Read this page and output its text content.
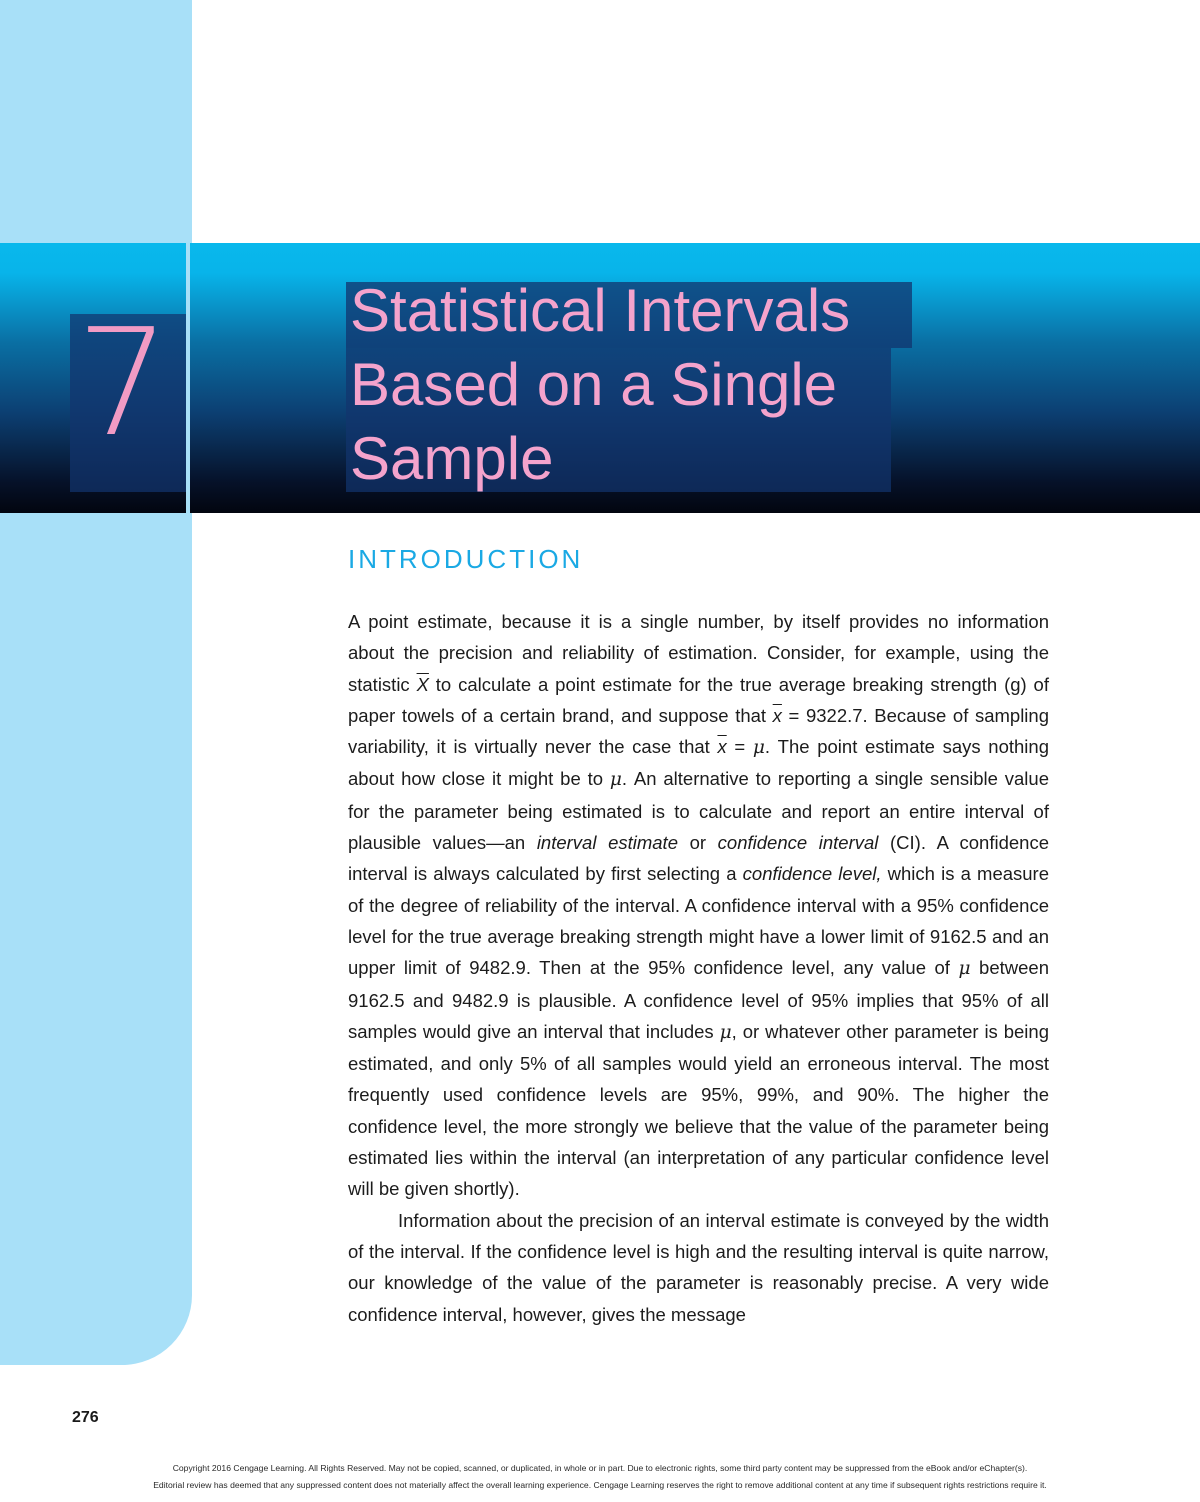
7	Statistical Intervals
Based on a Single
Sample
INTRODUCTION

A point estimate, because it is a single number, by itself provides no information about the precision and reliability of estimation. Consider, for example, using the statistic $\overline{X}$ to calculate a point estimate for the true average breaking strength (g) of paper towels of a certain brand, and suppose that $\overline{x} = 9322.7$. Because of sampling variability, it is virtually never the case that $\overline{x} = \mu$. The point estimate says nothing about how close it might be to μ. An alternative to reporting a single sensible value for the parameter being estimated is to calculate and report an entire interval of plausible values—an interval estimate or confidence interval (CI). A confidence interval is always calculated by first selecting a confidence level, which is a measure of the degree of reliability of the interval. A confidence interval with a 95% confidence level for the true average breaking strength might have a lower limit of 9162.5 and an upper limit of 9482.9. Then at the 95% confidence level, any value of μ between 9162.5 and 9482.9 is plausible. A confidence level of 95% implies that 95% of all samples would give an interval that includes μ, or whatever other parameter is being estimated, and only 5% of all samples would yield an erroneous interval. The most frequently used confidence levels are 95%, 99%, and 90%. The higher the confidence level, the more strongly we believe that the value of the parameter being estimated lies within the interval (an interpretation of any particular confidence level will be given shortly).

Information about the precision of an interval estimate is conveyed by the width of the interval. If the confidence level is high and the resulting interval is quite narrow, our knowledge of the value of the parameter is reasonably precise. A very wide confidence interval, however, gives the message

276
Copyright 2016 Cengage Learning. All Rights Reserved. May not be copied, scanned, or duplicated, in whole or in part. Due to electronic rights, some third party content may be suppressed from the eBook and/or eChapter(s).
Editorial review has deemed that any suppressed content does not materially affect the overall learning experience. Cengage Learning reserves the right to remove additional content at any time if subsequent rights restrictions require it.
